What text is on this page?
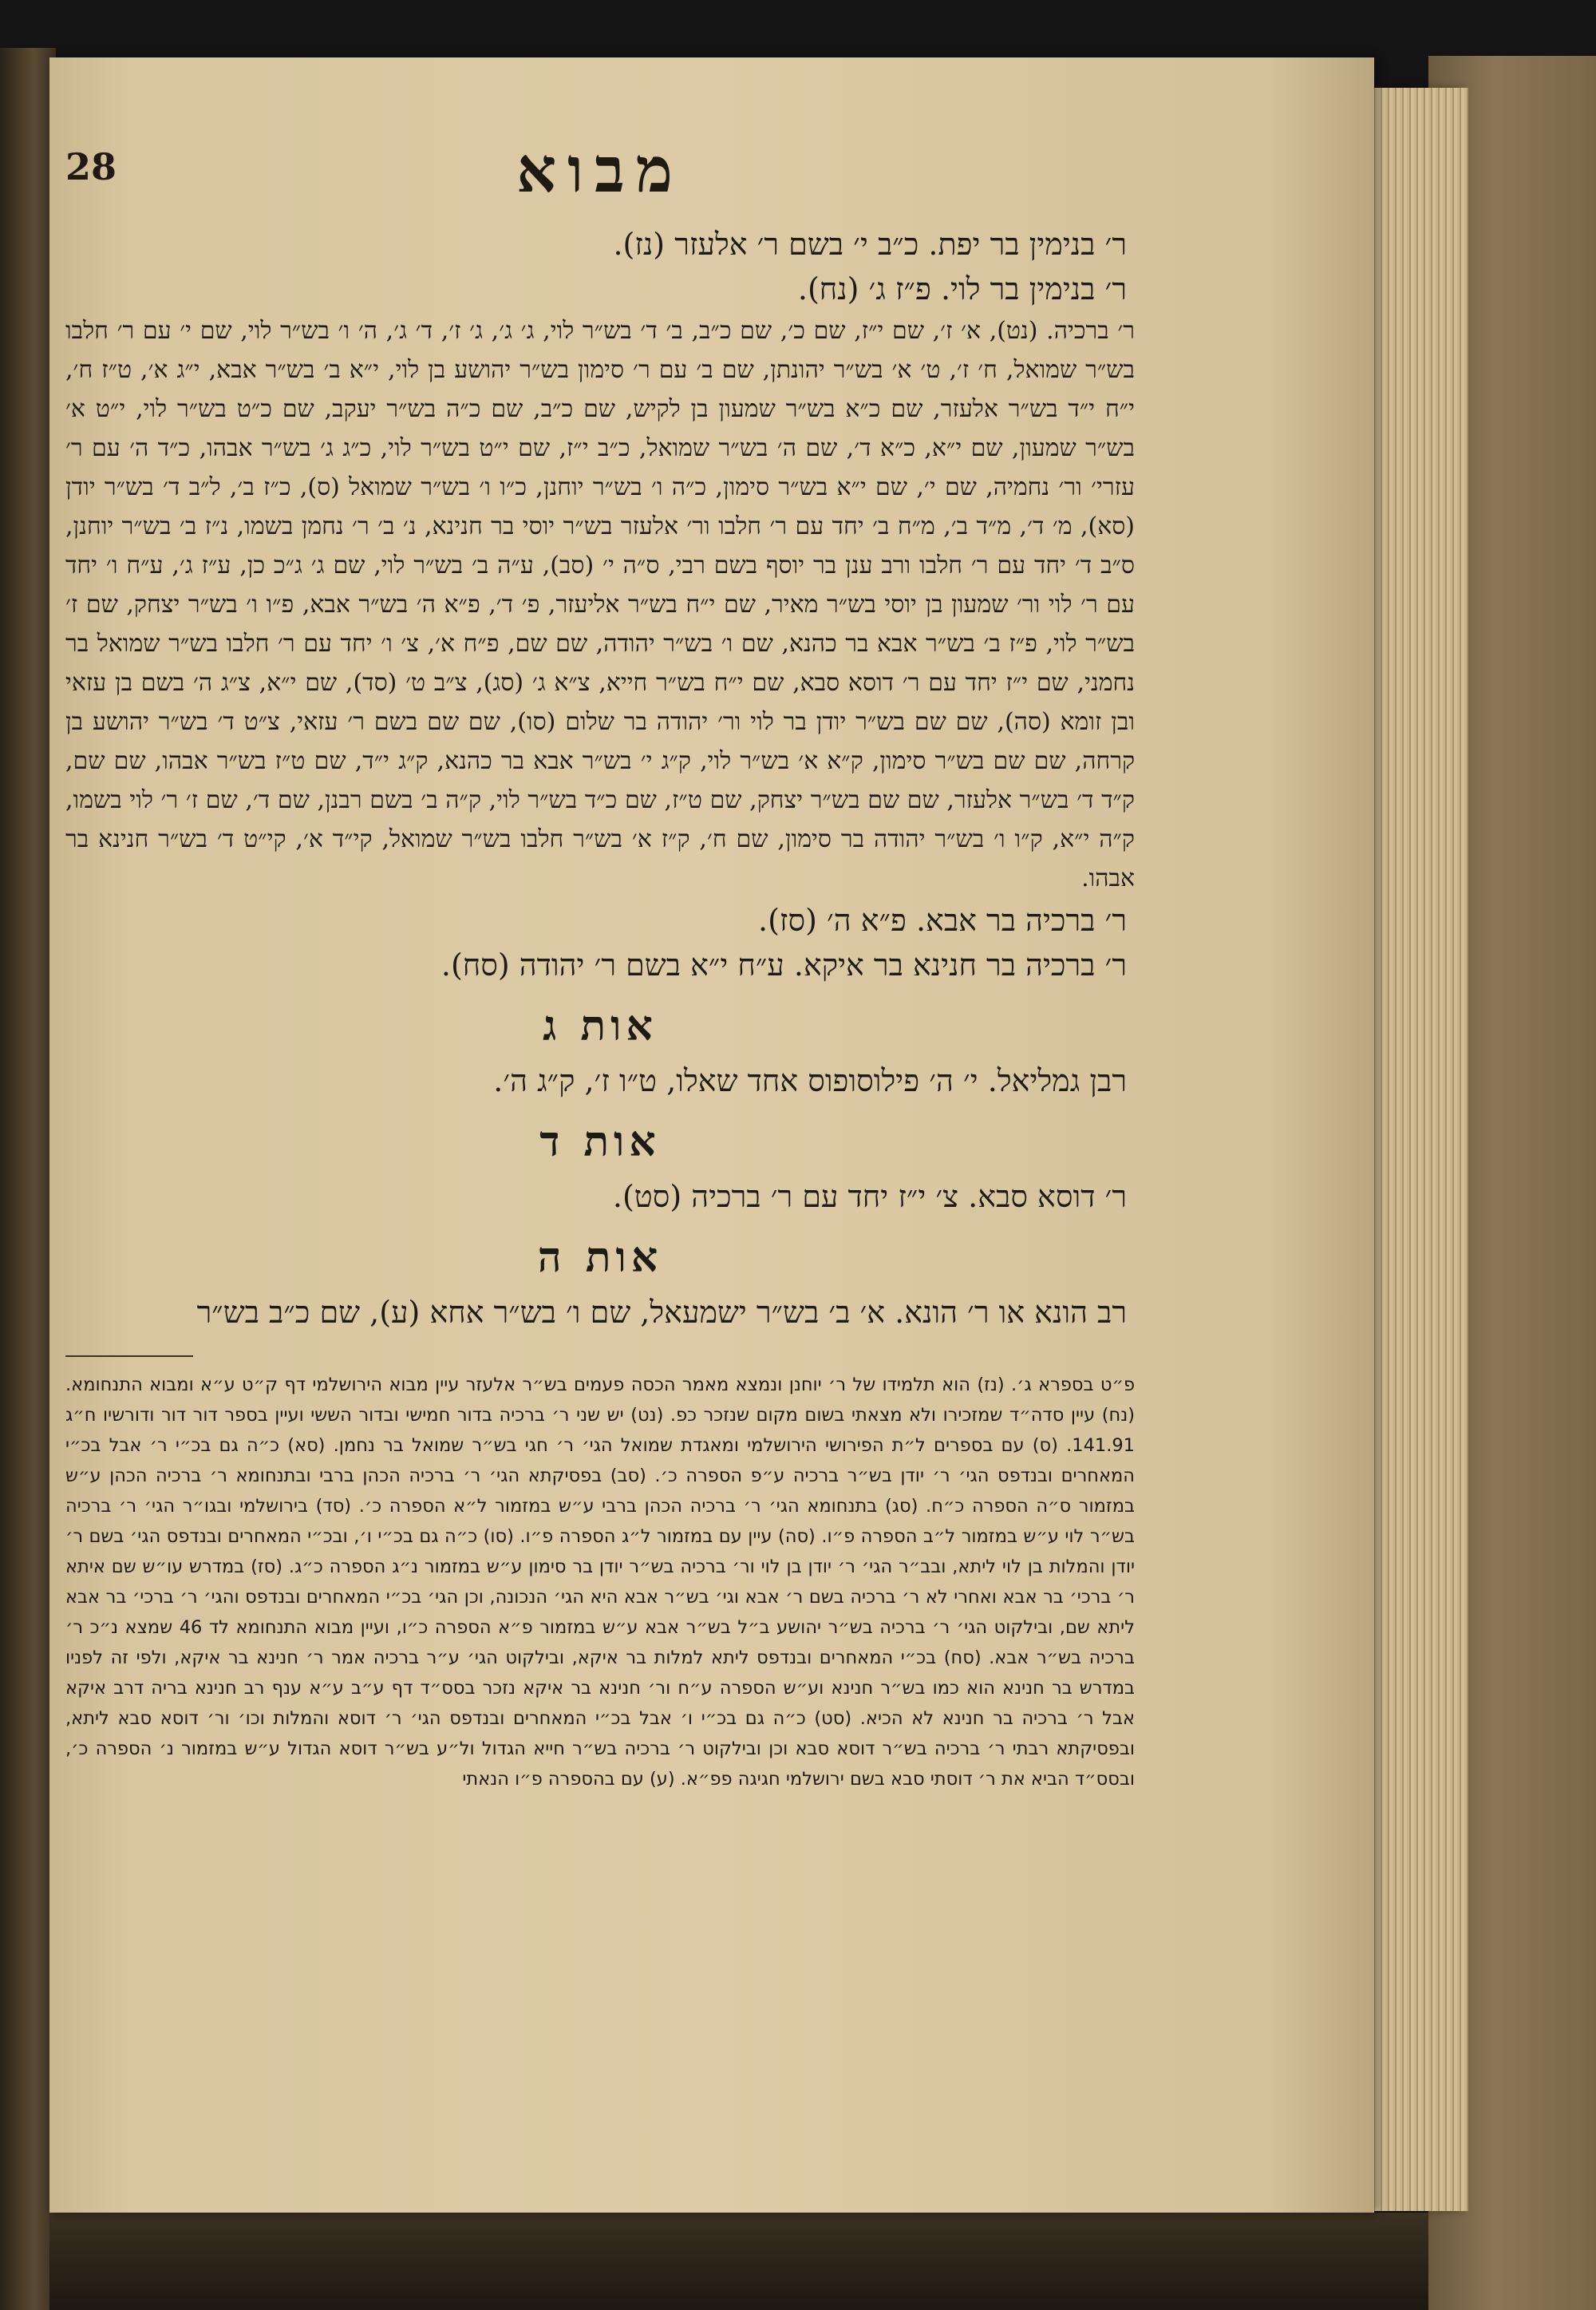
מבוא
28
ר׳ בנימין בר יפת. כ״ב י׳ בשם ר׳ אלעזר (נז).
ר׳ בנימין בר לוי. פ״ז ג׳ (נח).

ר׳ ברכיה. (נט), א׳ ז׳, שם י״ז, שם כ׳, שם כ״ב, ב׳ ד׳ בש״ר לוי, ג׳ ג׳, ג׳ ז׳, ד׳ ג׳, ה׳ ו׳ בש״ר לוי, שם י׳ עם ר׳ חלבו בש״ר שמואל, ח׳ ז׳, ט׳ א׳ בש״ר יהונתן, שם ב׳ עם ר׳ סימון בש״ר יהושע בן לוי, י״א ב׳ בש״ר אבא, י״ג א׳, ט״ז ח׳, י״ח י״ד בש״ר אלעזר, שם כ״א בש״ר שמעון בן לקיש, שם כ״ב, שם כ״ה בש״ר יעקב, שם כ״ט בש״ר לוי, י״ט א׳ בש״ר שמעון, שם י״א, כ״א ד׳, שם ה׳ בש״ר שמואל, כ״ב י״ז, שם י״ט בש״ר לוי, כ״ג ג׳ בש״ר אבהו, כ״ד ה׳ עם ר׳ עזרי׳ ור׳ נחמיה, שם י׳, שם י״א בש״ר סימון, כ״ה ו׳ בש״ר יוחנן, כ״ו ו׳ בש״ר שמואל (ס), כ״ז ב׳, ל״ב ד׳ בש״ר יודן (סא), מ׳ ד׳, מ״ד ב׳, מ״ח ב׳ יחד עם ר׳ חלבו ור׳ אלעזר בש״ר יוסי בר חנינא, נ׳ ב׳ ר׳ נחמן בשמו, נ״ז ב׳ בש״ר יוחנן, ס״ב ד׳ יחד עם ר׳ חלבו ורב ענן בר יוסף בשם רבי, ס״ה י׳ (סב), ע״ה ב׳ בש״ר לוי, שם ג׳ ג״כ כן, ע״ז ג׳, ע״ח ו׳ יחד עם ר׳ לוי ור׳ שמעון בן יוסי בש״ר מאיר, שם י״ח בש״ר אליעזר, פ׳ ד׳, פ״א ה׳ בש״ר אבא, פ״ו ו׳ בש״ר יצחק, שם ז׳ בש״ר לוי, פ״ז ב׳ בש״ר אבא בר כהנא, שם ו׳ בש״ר יהודה, שם שם, פ״ח א׳, צ׳ ו׳ יחד עם ר׳ חלבו בש״ר שמואל בר נחמני, שם י״ז יחד עם ר׳ דוסא סבא, שם י״ח בש״ר חייא, צ״א ג׳ (סג), צ״ב ט׳ (סד), שם י״א, צ״ג ה׳ בשם בן עזאי ובן זומא (סה), שם שם בש״ר יודן בר לוי ור׳ יהודה בר שלום (סו), שם שם בשם ר׳ עזאי, צ״ט ד׳ בש״ר יהושע בן קרחה, שם שם בש״ר סימון, ק״א א׳ בש״ר לוי, ק״ג י׳ בש״ר אבא בר כהנא, ק״ג י״ד, שם ט״ז בש״ר אבהו, שם שם, ק״ד ד׳ בש״ר אלעזר, שם שם בש״ר יצחק, שם ט״ז, שם כ״ד בש״ר לוי, ק״ה ב׳ בשם רבנן, שם ד׳, שם ז׳ ר׳ לוי בשמו, ק״ה י״א, ק״ו ו׳ בש״ר יהודה בר סימון, שם ח׳, ק״ז א׳ בש״ר חלבו בש״ר שמואל, קי״ד א׳, קי״ט ד׳ בש״ר חנינא בר אבהו.

ר׳ ברכיה בר אבא. פ״א ה׳ (סז).
ר׳ ברכיה בר חנינא בר איקא. ע״ח י״א בשם ר׳ יהודה (סח).
אות ג
רבן גמליאל. י׳ ה׳ פילוסופוס אחד שאלו, ט״ו ז׳, ק״ג ה׳.
אות ד
ר׳ דוסא סבא. צ׳ י״ז יחד עם ר׳ ברכיה (סט).
אות ה
רב הונא או ר׳ הונא. א׳ ב׳ בש״ר ישמעאל, שם ו׳ בש״ר אחא (ע), שם כ״ב בש״ר

פ״ט בספרא ג׳. (נז) הוא תלמידו של ר׳ יוחנן ונמצא מאמר הכסה פעמים בש״ר אלעזר עיין מבוא הירושלמי דף ק״ט ע״א ומבוא התנחומא. (נח) עיין סדה״ד שמזכירו ולא מצאתי בשום מקום שנזכר כפ. (נט) יש שני ר׳ ברכיה בדור חמישי ובדור הששי ועיין בספר דור דור ודורשיו ח״ג 141.91. (ס) עם בספרים ל״ת הפירושי הירושלמי ומאגדת שמואל הגי׳ ר׳ חגי בש״ר שמואל בר נחמן. (סא) כ״ה גם בכ״י ר׳ אבל בכ״י המאחרים ובנדפס הגי׳ ר׳ יודן בש״ר ברכיה ע״פ הספרה כ׳. (סב) בפסיקתא הגי׳ ר׳ ברכיה הכהן ברבי ובתנחומא ר׳ ברכיה הכהן ע״ש במזמור ס״ה הספרה כ״ח. (סג) בתנחומא הגי׳ ר׳ ברכיה הכהן ברבי ע״ש במזמור ל״א הספרה כ׳. (סד) בירושלמי ובגו״ר הגי׳ ר׳ ברכיה בש״ר לוי ע״ש במזמור ל״ב הספרה פ״ו. (סה) עיין עם במזמור ל״ג הספרה פ״ו. (סו) כ״ה גם בכ״י ו׳, ובכ״י המאחרים ובנדפס הגי׳ בשם ר׳ יודן והמלות בן לוי ליתא, ובב״ר הגי׳ ר׳ יודן בן לוי ור׳ ברכיה בש״ר יודן בר סימון ע״ש במזמור נ״ג הספרה כ״ג. (סז) במדרש עו״ש שם איתא ר׳ ברכי׳ בר אבא ואחרי לא ר׳ ברכיה בשם ר׳ אבא וגי׳ בש״ר אבא היא הגי׳ הנכונה, וכן הגי׳ בכ״י המאחרים ובנדפס והגי׳ ר׳ ברכי׳ בר אבא ליתא שם, ובילקוט הגי׳ ר׳ ברכיה בש״ר יהושע ב״ל בש״ר אבא ע״ש במזמור פ״א הספרה כ״ו, ועיין מבוא התנחומא לד 46 שמצא נ״כ ר׳ ברכיה בש״ר אבא. (סח) בכ״י המאחרים ובנדפס ליתא למלות בר איקא, ובילקוט הגי׳ ע״ר ברכיה אמר ר׳ חנינא בר איקא, ולפי זה לפניו במדרש בר חנינא הוא כמו בש״ר חנינא וע״ש הספרה ע״ח ור׳ חנינא בר איקא נזכר בסס״ד דף ע״ב ע״א ענף רב חנינא בריה דרב איקא אבל ר׳ ברכיה בר חנינא לא הכיא. (סט) כ״ה גם בכ״י ו׳ אבל בכ״י המאחרים ובנדפס הגי׳ ר׳ דוסא והמלות וכו׳ ור׳ דוסא סבא ליתא, ובפסיקתא רבתי ר׳ ברכיה בש״ר דוסא סבא וכן ובילקוט ר׳ ברכיה בש״ר חייא הגדול ול״ע בש״ר דוסא הגדול ע״ש במזמור נ׳ הספרה כ׳, ובסס״ד הביא את ר׳ דוסתי סבא בשם ירושלמי חגיגה פפ״א. (ע) עם בהספרה פ״ו הנאתי
